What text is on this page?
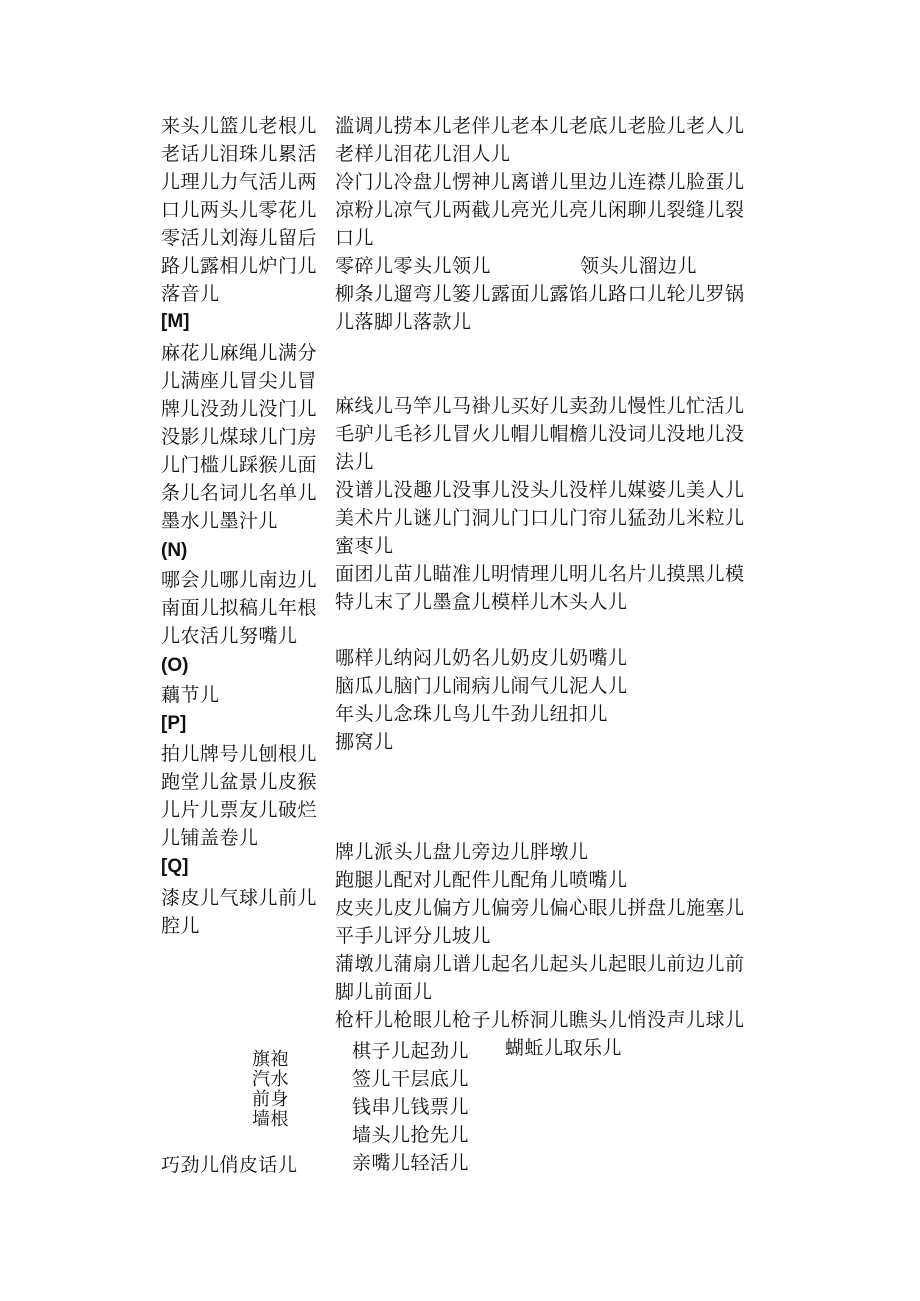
来头儿篮儿老根儿

老话儿泪珠儿累活

儿理儿力气活儿两

口儿两头儿零花儿

零活儿刘海儿留后

路儿露相儿炉门儿

落音儿

[M]

麻花儿麻绳儿满分

儿满座儿冒尖儿冒

牌儿没劲儿没门儿

没影儿煤球儿门房

儿门槛儿踩猴儿面

条儿名词儿名单儿

墨水儿墨汁儿

(N)

哪会儿哪儿南边儿

南面儿拟稿儿年根

儿农活儿努嘴儿

(O)

藕节儿

[P]

拍儿牌号儿刨根儿

跑堂儿盆景儿皮猴

儿片儿票友儿破烂

儿铺盖卷儿

[Q]

漆皮儿气球儿前儿

腔儿

旗袍

汽水

前身

墙根

巧劲儿俏皮话儿

滥调儿捞本儿老伴儿老本儿老底儿老脸儿老人儿

老样儿泪花儿泪人儿

冷门儿冷盘儿愣神儿离谱儿里边儿连襟儿脸蛋儿

凉粉儿凉气儿两截儿亮光儿亮儿闲聊儿裂缝儿裂

口儿

零碎儿零头儿领儿	领头儿溜边儿

柳条儿遛弯儿篓儿露面儿露馅儿路口儿轮儿罗锅

儿落脚儿落款儿

麻线儿马竿儿马褂儿买好儿卖劲儿慢性儿忙活儿

毛驴儿毛衫儿冒火儿帽儿帽檐儿没词儿没地儿没

法儿

没谱儿没趣儿没事儿没头儿没样儿媒婆儿美人儿

美术片儿谜儿门洞儿门口儿门帘儿猛劲儿米粒儿

蜜枣儿

面团儿苗儿瞄准儿明情理儿明儿名片儿摸黑儿模

特儿末了儿墨盒儿模样儿木头人儿

哪样儿纳闷儿奶名儿奶皮儿奶嘴儿

脑瓜儿脑门儿闹病儿闹气儿泥人儿

年头儿念珠儿鸟儿牛劲儿纽扣儿

挪窝儿

牌儿派头儿盘儿旁边儿胖墩儿

跑腿儿配对儿配件儿配角儿喷嘴儿

皮夹儿皮儿偏方儿偏旁儿偏心眼儿拼盘儿施塞儿

平手儿评分儿坡儿

蒲墩儿蒲扇儿谱儿起名儿起头儿起眼儿前边儿前

脚儿前面儿

枪杆儿枪眼儿枪子儿桥洞儿瞧头儿悄没声儿球儿

棋子儿起劲儿 蝴蚯儿取乐儿

签儿干层底儿

钱串儿钱票儿

墙头儿抢先儿

亲嘴儿轻活儿
